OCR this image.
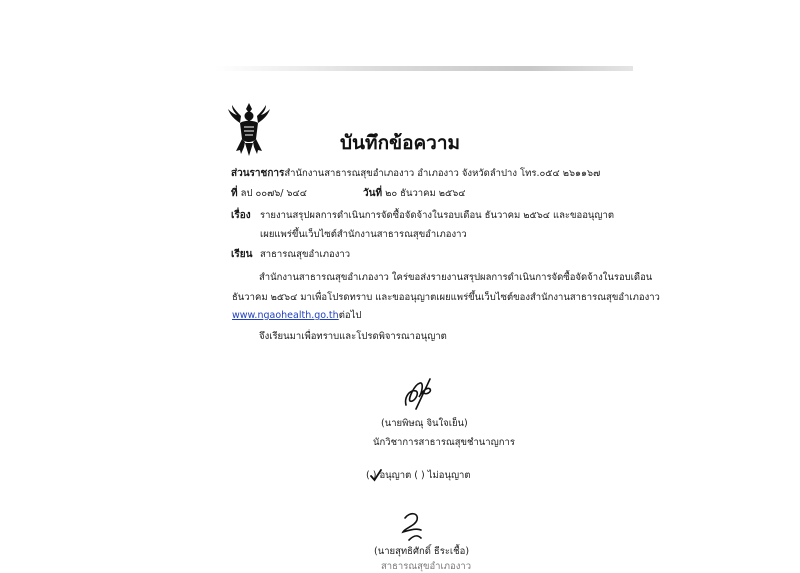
บันทึกข้อความ
ส่วนราชการสำนักงานสาธารณสุขอำเภองาว อำเภองาว จังหวัดลำปาง โทร.๐๕๔ ๒๖๑๑๖๗
ที่ ลป ๐๐๗๖/ ๖๔๔	วันที่ ๒๐ ธันวาคม ๒๕๖๔
เรื่อง รายงานสรุปผลการดำเนินการจัดซื้อจัดจ้างในรอบเดือน ธันวาคม ๒๕๖๔ และขออนุญาต
เผยแพร่ขึ้นเว็บไซต์สำนักงานสาธารณสุขอำเภองาว
เรียน สาธารณสุขอำเภองาว
สำนักงานสาธารณสุขอำเภองาว ใคร่ขอส่งรายงานสรุปผลการดำเนินการจัดซื้อจัดจ้างในรอบเดือน
ธันวาคม ๒๕๖๔ มาเพื่อโปรดทราบ และขออนุญาตเผยแพร่ขึ้นเว็บไซต์ของสำนักงานสาธารณสุขอำเภองาว
www.ngaohealth.go.thต่อไป
จึงเรียนมาเพื่อทราบและโปรดพิจารณาอนุญาต
(นายพิษณุ จินใจเย็น)
นักวิชาการสาธารณสุขชำนาญการ
( ) อนุญาต ( ) ไม่อนุญาต
(นายสุทธิศักดิ์ ธีระเชื้อ)
สาธารณสุขอำเภองาว
